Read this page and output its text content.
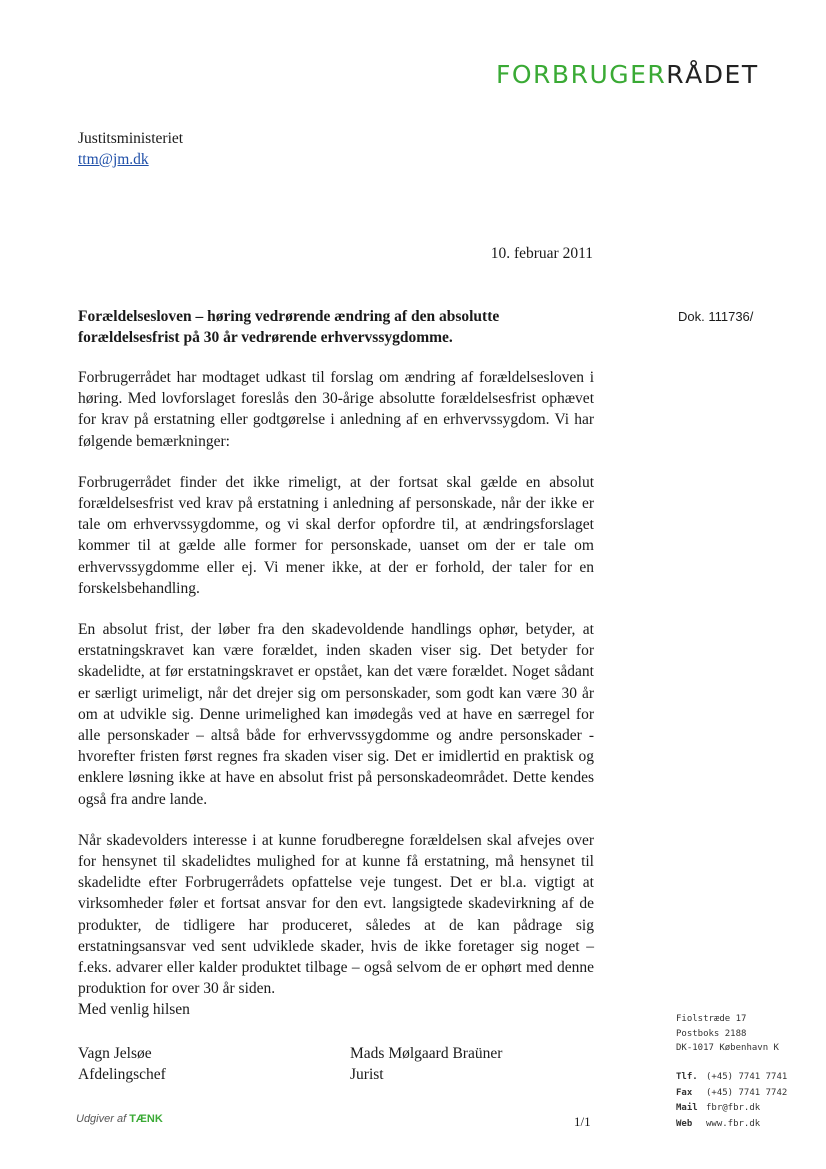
FORBRUGERRÅDET
Justitsministeriet
ttm@jm.dk
10. februar 2011

Forældelsesloven – høring vedrørende ændring af den absolutte forældelsesfrist på 30 år vedrørende erhvervssygdomme.

Dok. 111736/

Forbrugerrådet har modtaget udkast til forslag om ændring af forældelsesloven i høring. Med lovforslaget foreslås den 30-årige absolutte forældelsesfrist ophævet for krav på erstatning eller godtgørelse i anledning af en erhvervssygdom. Vi har følgende bemærkninger:

Forbrugerrådet finder det ikke rimeligt, at der fortsat skal gælde en absolut forældelsesfrist ved krav på erstatning i anledning af personskade, når der ikke er tale om erhvervssygdomme, og vi skal derfor opfordre til, at ændringsforslaget kommer til at gælde alle former for personskade, uanset om der er tale om erhvervssygdomme eller ej. Vi mener ikke, at der er forhold, der taler for en forskelsbehandling.

En absolut frist, der løber fra den skadevoldende handlings ophør, betyder, at erstatningskravet kan være forældet, inden skaden viser sig. Det betyder for skadelidte, at før erstatningskravet er opstået, kan det være forældet. Noget sådant er særligt urimeligt, når det drejer sig om personskader, som godt kan være 30 år om at udvikle sig. Denne urimelighed kan imødegås ved at have en særregel for alle personskader – altså både for erhvervssygdomme og andre personskader - hvorefter fristen først regnes fra skaden viser sig. Det er imidlertid en praktisk og enklere løsning ikke at have en absolut frist på personskadeområdet. Dette kendes også fra andre lande.

Når skadevolders interesse i at kunne forudberegne forældelsen skal afvejes over for hensynet til skadelidtes mulighed for at kunne få erstatning, må hensynet til skadelidte efter Forbrugerrådets opfattelse veje tungest. Det er bl.a. vigtigt at virksomheder føler et fortsat ansvar for den evt. langsigtede skadevirkning af de produkter, de tidligere har produceret, således at de kan pådrage sig erstatningsansvar ved sent udviklede skader, hvis de ikke foretager sig noget – f.eks. advarer eller kalder produktet tilbage – også selvom de er ophørt med denne produktion for over 30 år siden.

Med venlig hilsen
Vagn Jelsøe
Afdelingschef
Mads Mølgaard Braüner
Jurist
Udgiver af TÆNK	1/1
Fiolstræde 17
Postboks 2188
DK-1017 København K
Tlf. (+45) 7741 7741
Fax (+45) 7741 7742
Mail fbr@fbr.dk
Web www.fbr.dk
